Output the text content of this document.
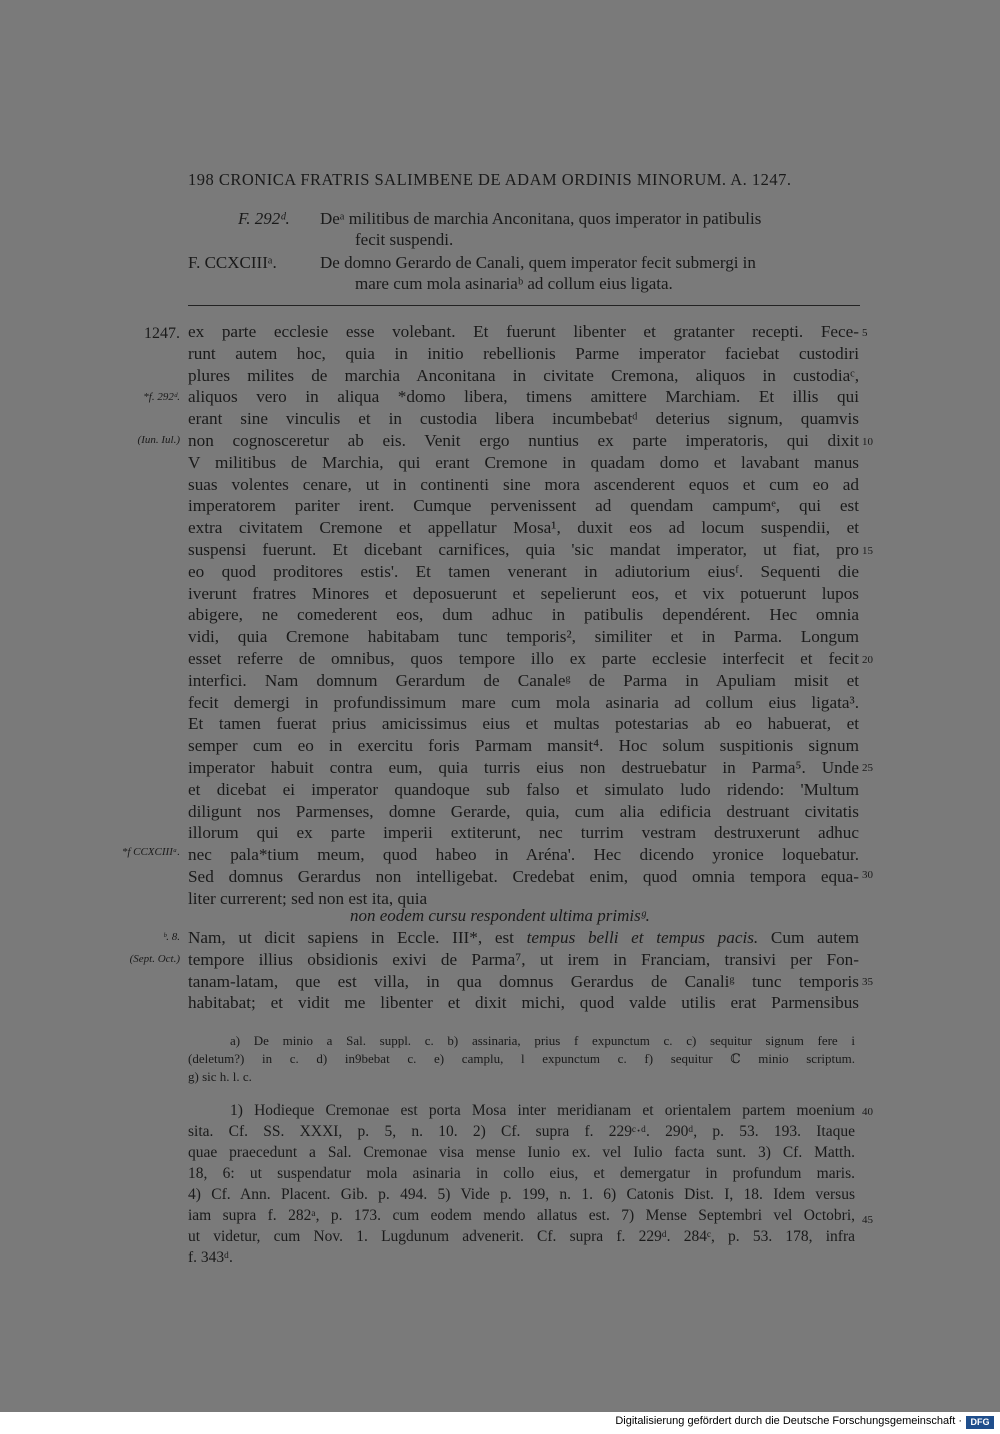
198 CRONICA FRATRIS SALIMBENE DE ADAM ORDINIS MINORUM. A. 1247.
F. 292ᵈ. Deᵃ militibus de marchia Anconitana, quos imperator in patibulis
fecit suspendi.
F. CCXCIIIᵃ.	De domno Gerardo de Canali, quem imperator fecit submergi in
mare cum mola asinariaᵇ ad collum eius ligata.
ex parte ecclesie esse volebant. Et fuerunt libenter et gratanter recepti. Fece-
runt autem hoc, quia in initio rebellionis Parme imperator faciebat custodiri
plures milites de marchia Anconitana in civitate Cremona, aliquos in custodiaᶜ,
aliquos vero in aliqua *domo libera, timens amittere Marchiam. Et illis qui
erant sine vinculis et in custodia libera incumbebatᵈ deterius signum, quamvis
non cognosceretur ab eis. Venit ergo nuntius ex parte imperatoris, qui dixit
V militibus de Marchia, qui erant Cremone in quadam domo et lavabant manus
suas volentes cenare, ut in continenti sine mora ascenderent equos et cum eo ad
imperatorem pariter irent. Cumque pervenissent ad quendam campumᵉ, qui est
extra civitatem Cremone et appellatur Mosa¹, duxit eos ad locum suspendii, et
suspensi fuerunt. Et dicebant carnifices, quia 'sic mandat imperator, ut fiat, pro
eo quod proditores estis'. Et tamen venerant in adiutorium eiusᶠ. Sequenti die
iverunt fratres Minores et deposuerunt et sepelierunt eos, et vix potuerunt lupos
abigere, ne comederent eos, dum adhuc in patibulis dependérent. Hec omnia
vidi, quia Cremone habitabam tunc temporis², similiter et in Parma. Longum
esset referre de omnibus, quos tempore illo ex parte ecclesie interfecit et fecit
interfici. Nam domnum Gerardum de Canaleᵍ de Parma in Apuliam misit et
fecit demergi in profundissimum mare cum mola asinaria ad collum eius ligata³.
Et tamen fuerat prius amicissimus eius et multas potestarias ab eo habuerat, et
semper cum eo in exercitu foris Parmam mansit⁴. Hoc solum suspitionis signum
imperator habuit contra eum, quia turris eius non destruebatur in Parma⁵. Unde
et dicebat ei imperator quandoque sub falso et simulato ludo ridendo: 'Multum
diligunt nos Parmenses, domne Gerarde, quia, cum alia edificia destruant civitatis
illorum qui ex parte imperii extiterunt, nec turrim vestram destruxerunt adhuc
nec pala*tium meum, quod habeo in Aréna'. Hec dicendo yronice loquebatur.
Sed domnus Gerardus non intelligebat. Credebat enim, quod omnia tempora equa-
liter currerent; sed non est ita, quia
non eodem cursu respondent ultima primisᵍ.
Nam, ut dicit sapiens in Eccle. III*, est tempus belli et tempus pacis. Cum autem
tempore illius obsidionis exivi de Parma⁷, ut irem in Franciam, transivi per Fon-
tanam-latam, que est villa, in qua domnus Gerardus de Canaliᵍ tunc temporis
habitabat; et vidit me libenter et dixit michi, quod valde utilis erat Parmensibus
1247.
*f. 292ᵈ.
(Iun. Iul.)
*f CCXCIIIᵃ.
ᵇ. 8.
(Sept. Oct.)
5
10
15
20
25
30
35
40
45
a) De minio a Sal. suppl. c. b) assinaria, prius f expunctum c. c) sequitur signum fere i
(deletum?) in c. d) in9bebat c. e) camplu, l expunctum c. f) sequitur ℂ minio scriptum.
g) sic h. l. c.
1) Hodieque Cremonae est porta Mosa inter meridianam et orientalem partem moenium
sita. Cf. SS. XXXI, p. 5, n. 10. 2) Cf. supra f. 229ᶜ·ᵈ. 290ᵈ, p. 53. 193. Itaque
quae praecedunt a Sal. Cremonae visa mense Iunio ex. vel Iulio facta sunt. 3) Cf. Matth.
18, 6: ut suspendatur mola asinaria in collo eius, et demergatur in profundum maris.
4) Cf. Ann. Placent. Gib. p. 494. 5) Vide p. 199, n. 1. 6) Catonis Dist. I, 18. Idem versus
iam supra f. 282ᵃ, p. 173. cum eodem mendo allatus est. 7) Mense Septembri vel Octobri,
ut videtur, cum Nov. 1. Lugdunum advenerit. Cf. supra f. 229ᵈ. 284ᶜ, p. 53. 178, infra
f. 343ᵈ.
Digitalisierung gefördert durch die Deutsche Forschungsgemeinschaft · DFG
